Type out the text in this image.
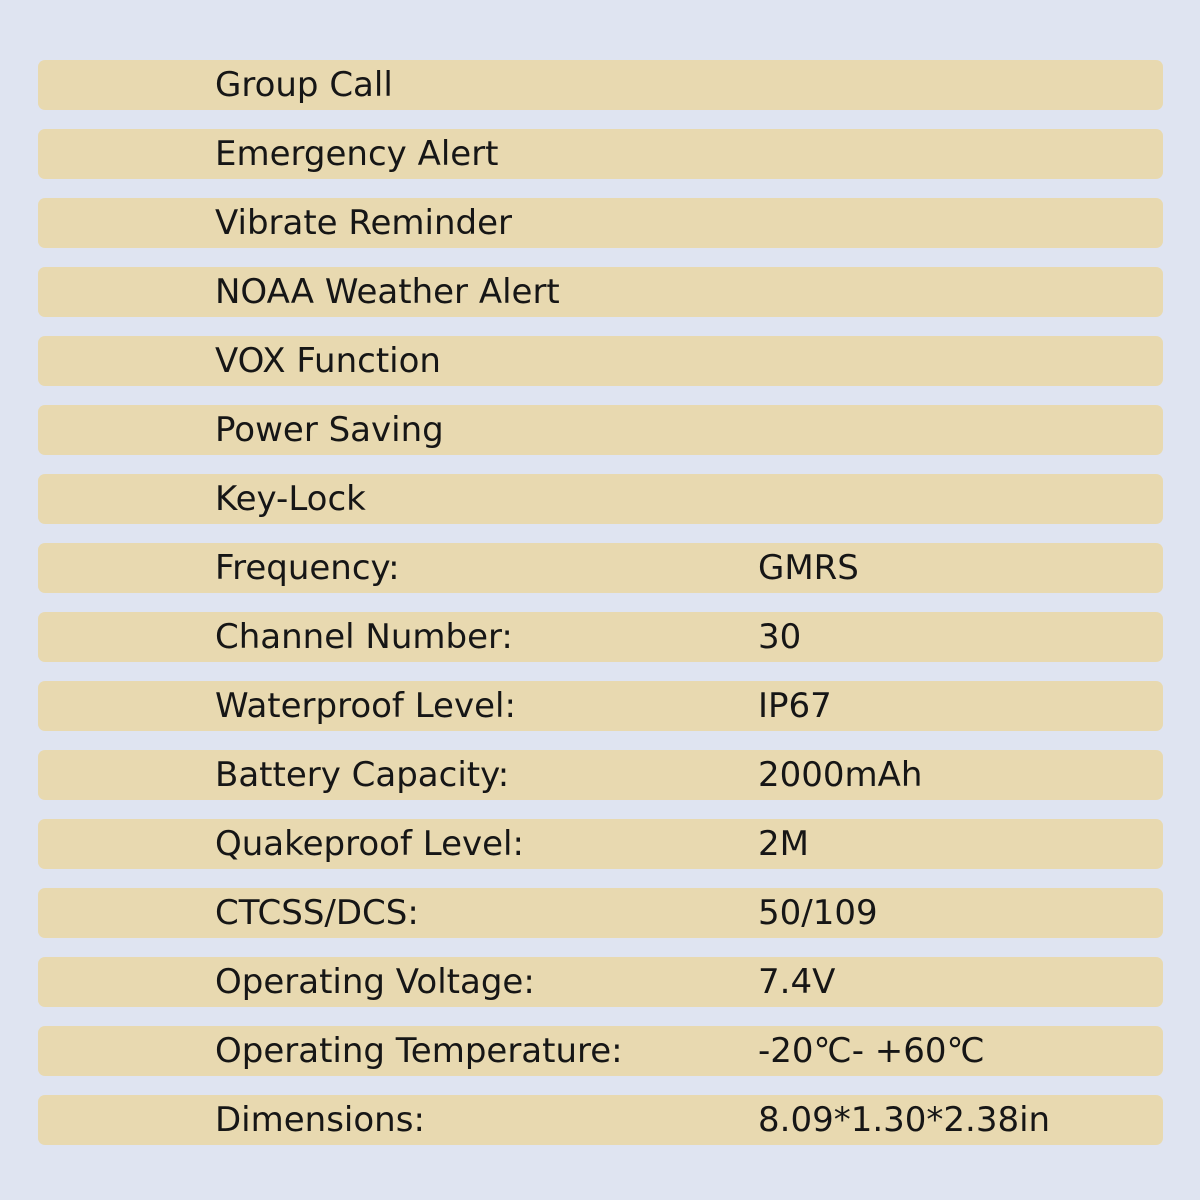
Group Call
Emergency Alert
Vibrate Reminder
NOAA Weather Alert
VOX Function
Power Saving
Key-Lock
Frequency:	GMRS
Channel Number:	30
Waterproof Level:	IP67
Battery Capacity:	2000mAh
Quakeproof Level:	2M
CTCSS/DCS:	50/109
Operating Voltage:	7.4V
Operating Temperature:	-20℃- +60℃
Dimensions:	8.09*1.30*2.38in
